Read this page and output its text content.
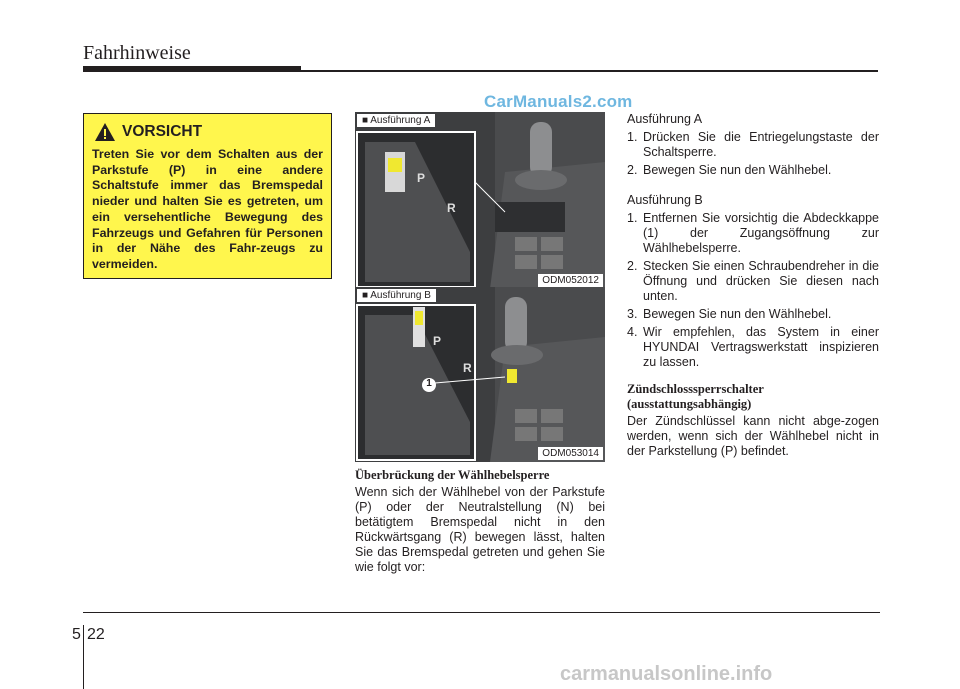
Fahrhinweise
CarManuals2.com
VORSICHT
Treten Sie vor dem Schalten aus der Parkstufe (P) in eine andere Schaltstufe immer das Bremspedal nieder und halten Sie es getreten, um ein versehentliche Bewegung des Fahrzeugs und Gefahren für Personen in der Nähe des Fahr-zeugs zu vermeiden.
P
R
■ Ausführung A
ODM052012
P
R
1
■ Ausführung B
ODM053014
Überbrückung der Wählhebelsperre

Wenn sich der Wählhebel von der Parkstufe (P) oder der Neutralstellung (N) bei betätigtem Bremspedal nicht in den Rückwärtsgang (R) bewegen lässt, halten Sie das Bremspedal getreten und gehen Sie wie folgt vor:

Ausführung A
1. Drücken Sie die Entriegelungstaste der Schaltsperre.
2. Bewegen Sie nun den Wählhebel.
Ausführung B
1. Entfernen Sie vorsichtig die Abdeckkappe (1) der Zugangsöffnung zur Wählhebelsperre.
2. Stecken Sie einen Schraubendreher in die Öffnung und drücken Sie diesen nach unten.
3. Bewegen Sie nun den Wählhebel.
4. Wir empfehlen, das System in einer HYUNDAI Vertragswerkstatt inspizieren zu lassen.
Zündschlosssperrschalter
(ausstattungsabhängig)

Der Zündschlüssel kann nicht abge-zogen werden, wenn sich der Wählhebel nicht in der Parkstellung (P) befindet.

5 22
carmanualsonline.info
